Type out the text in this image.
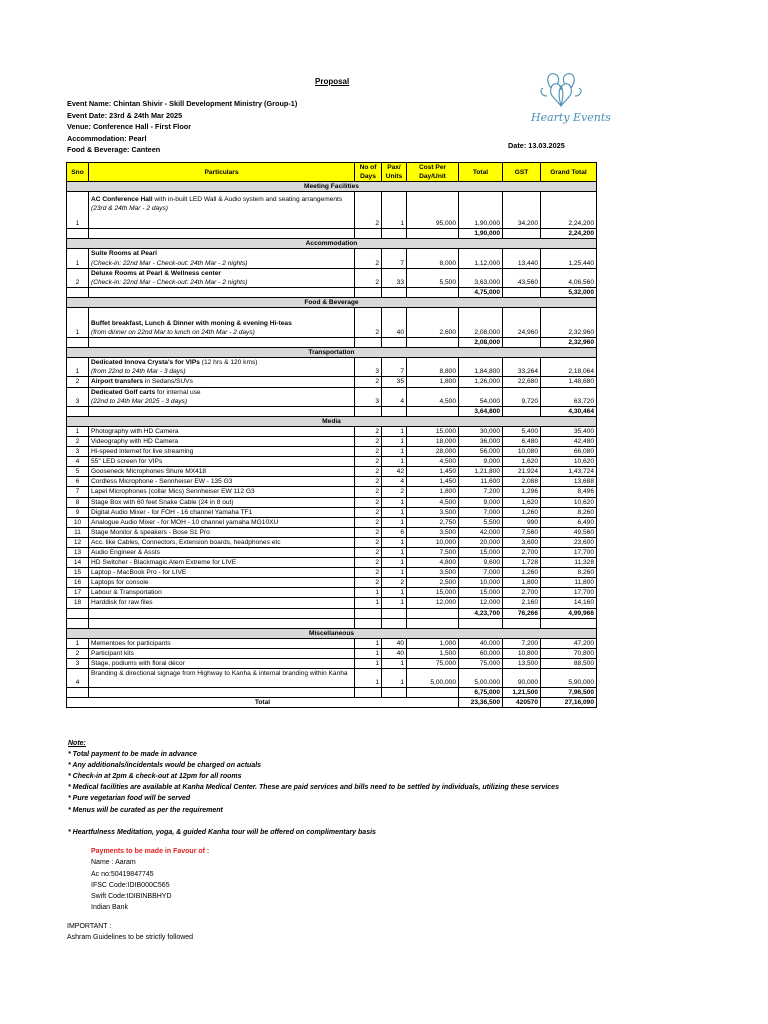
Proposal
Event Name: Chintan Shivir - Skill Development Ministry (Group-1)
Event Date: 23rd & 24th Mar 2025
Venue: Conference Hall - First Floor
Accommodation: Pearl
Food & Beverage: Canteen
Hearty Events
Date: 13.03.2025
Sno	Particulars	No of Days	Pax/ Units	Cost Per Day/Unit	Total	GST	Grand Total
Meeting Facilities							
1	AC Conference Hall with in-built LED Wall & Audio system and seating arrangements
(23rd & 24th Mar - 2 days)	2	1	95,000	1,90,000	34,200	2,24,200
					1,90,000		2,24,200
Accommodation							
1	Suite Rooms at Pearl
(Check-in: 22nd Mar - Check-out: 24th Mar - 2 nights)	2	7	8,000	1,12,000	13,440	1,25,440
2	Deluxe Rooms at Pearl & Wellness center
(Check-in: 22nd Mar - Check-out: 24th Mar - 2 nights)	2	33	5,500	3,63,000	43,560	4,06,560
					4,75,000		5,32,000
Food & Beverage							
1	Buffet breakfast, Lunch & Dinner with moning & evening Hi-teas
(from dinner on 22nd Mar to lunch on 24th Mar - 2 days)	2	40	2,600	2,08,000	24,960	2,32,960
					2,08,000		2,32,960
Transportation							
1	Dedicated Innova Crysta's for VIPs (12 hrs & 120 kms)
(from 22nd to 24th Mar - 3 days)	3	7	8,800	1,84,800	33,264	2,18,064
2	Airport transfers in Sedans/SUVs	2	35	1,800	1,26,000	22,680	1,48,680
3	Dedicated Golf carts for internal use
(22nd to 24th Mar 2025 - 3 days)	3	4	4,500	54,000	9,720	63,720
					3,64,800		4,30,464
Media							
1	Photography with HD Camera	2	1	15,000	30,000	5,400	35,400
2	Videography with HD Camera	2	1	18,000	36,000	6,480	42,480
3	Hi-speed internet for live streaming	2	1	28,000	56,000	10,080	66,080
4	55" LED screen for VIPs	2	1	4,500	9,000	1,620	10,620
5	Gooseneck Microphones Shure MX418	2	42	1,450	1,21,800	21,924	1,43,724
6	Cordless Microphone - Sennheiser EW - 135 G3	2	4	1,450	11,600	2,088	13,688
7	Lapel Microphones (collar Mics) Sennheiser EW 112 G3	2	2	1,800	7,200	1,296	8,496
8	Stage Box with 60 feet Snake Cable (24 in 8 out)	2	1	4,500	9,000	1,620	10,620
9	Digital Audio Mixer - for FOH - 16 channel Yamaha TF1	2	1	3,500	7,000	1,260	8,260
10	Analogue Audio Mixer - for MOH - 10 channel yamaha MG10XU	2	1	2,750	5,500	990	6,490
11	Stage Monitor & speakers - Bose S1 Pro	2	6	3,500	42,000	7,560	49,560
12	Acc. like Cables, Connectors, Extension boards, headphones etc	2	1	10,000	20,000	3,600	23,600
13	Audio Engineer & Assts	2	1	7,500	15,000	2,700	17,700
14	HD Switcher - Blackmagic Atem Extreme for LIVE	2	1	4,800	9,600	1,728	11,328
15	Laptop - MacBook Pro - for LIVE	2	1	3,500	7,000	1,260	8,260
16	Laptops for console	2	2	2,500	10,000	1,800	11,800
17	Labour & Transportation	1	1	15,000	15,000	2,700	17,700
18	Harddisk for raw files	1	1	12,000	12,000	2,160	14,160
					4,23,700	76,266	4,99,966

Miscellaneous							
1	Mementoes for participants	1	40	1,000	40,000	7,200	47,200
2	Participant kits	1	40	1,500	60,000	10,800	70,800
3	Stage, podiums with floral décor	1	1	75,000	75,000	13,500	88,500
4	Branding & directional signage from Highway to Kanha & internal branding within Kanha	1	1	5,00,000	5,00,000	90,000	5,90,000
					6,75,000	1,21,500	7,96,500
Total					23,36,500	420570	27,16,090
Note:
* Total payment to be made in advance
* Any additionals/incidentals would be charged on actuals
* Check-in at 2pm & check-out at 12pm for all rooms
* Medical facilities are available at Kanha Medical Center. These are paid services and bills need to be settled by individuals, utilizing these services
* Pure vegetarian food will be served
* Menus will be curated as per the requirement
* Heartfulness Meditation, yoga, & guided Kanha tour will be offered on complimentary basis
Payments to be made in Favour of :
Name : Aaram
Ac no:50419847745
IFSC Code:IDIB000C565
Swift Code:IDIBINBBHYD
Indian Bank
IMPORTANT :
Ashram Guidelines to be strictly followed
